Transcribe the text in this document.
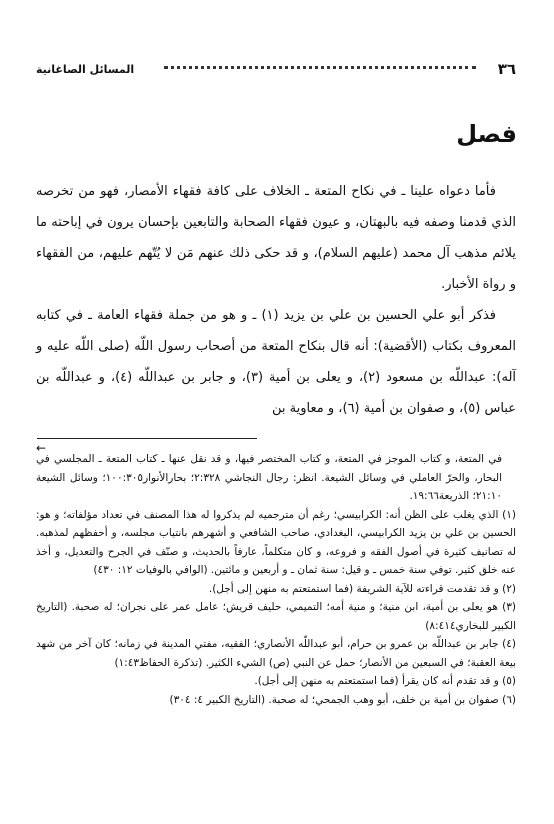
٣٦
المسائل الصاغانية
فصل

فأما دعواه علينا ـ في نكاح المتعة ـ الخلاف على كافة فقهاء الأمصار، فهو من تخرصه الذي قدمنا وصفه فيه بالبهتان، و عيون فقهاء الصحابة والتابعين بإحسان يرون في إباحته ما يلائم مذهب آل محمد (عليهم السلام)، و قد حكى ذلك عنهم مَن لا يُتّهم عليهم، من الفقهاء و رواة الأخبار.

فذكر أبو علي الحسين بن علي بن يزيد (١) ـ و هو من جملة فقهاء العامة ـ في كتابه المعروف بكتاب (الأقضية): أنه قال بنكاح المتعة من أصحاب رسول اللّه (صلى اللّه عليه و آله): عبداللّه بن مسعود (٢)، و يعلى بن أمية (٣)، و جابر بن عبداللّه (٤)، و عبداللّه بن عباس (٥)، و صفوان بن أمية (٦)، و معاوية بن

←

في المتعة، و كتاب الموجز في المتعة، و كتاب المختصر فيها، و قد نقل عنها ـ كتاب المتعة ـ المجلسي في البحار، والحرّ العاملي في وسائل الشيعة. انظر: رجال النجاشي ٢:٣٢٨؛ بحارالأنوار١٠٠:٣٠٥؛ وسائل الشيعة ٢١:١٠؛ الذريعة١٩:٦٦.

(١) الذي يغلب على الظن أنه: الكرابيسي؛ رغم أن مترجميه لم يذكروا له هذا المصنف في تعداد مؤلفاته؛ و هو: الحسين بن علي بن يزيد الكرابيسي، البغدادي، صاحب الشافعي و أشهرهم بانتياب مجلسه، و أحفظهم لمذهبه. له تصانيف كثيرة في أصول الفقه و فروعه، و كان متكلماً، عارفاً بالحديث، و صنّف في الجرح والتعديل، و أخذ عنه خلق كثير. توفي سنة خمس ـ و قيل: سنة ثمان ـ و أربعين و مائتين. (الوافي بالوفيات ١٢: ٤٣٠)

(٢) و قد تقدمت قراءته للآية الشريفة (فما استمتعتم به منهن إلى أجل).

(٣) هو يعلى بن أمية، ابن منية؛ و منية أمه؛ التميمي، حليف قريش؛ عامل عمر على نجران؛ له صحبة. (التاريخ الكبير للبخاري٨:٤١٤)

(٤) جابر بن عبداللّه بن عمرو بن حرام، أبو عبداللّه الأنصاري؛ الفقيه، مفتي المدينة في زمانه؛ كان آخر من شهد بيعة العقبة؛ في السبعين من الأنصار؛ حمل عن النبي (ص) الشيء الكثير. (تذكرة الحفاظ١:٤٣)

(٥) و قد تقدم أنه كان يقرأ (فما استمتعتم به منهن إلى أجل).

(٦) صفوان بن أمية بن خلف، أبو وهب الجمحي؛ له صحبة. (التاريخ الكبير ٤: ٣٠٤)
